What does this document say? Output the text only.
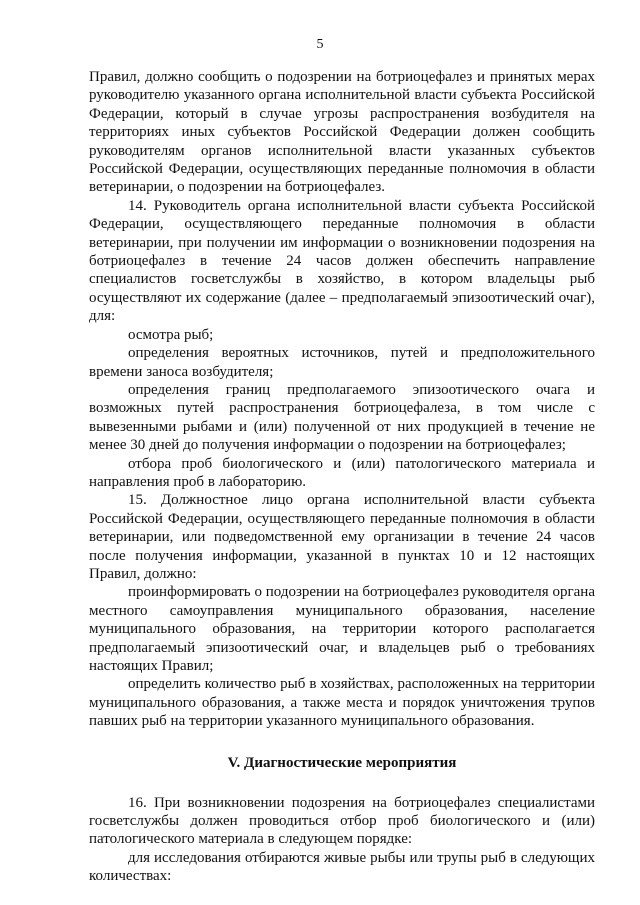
5

Правил, должно сообщить о подозрении на ботриоцефалез и принятых мерах руководителю указанного органа исполнительной власти субъекта Российской Федерации, который в случае угрозы распространения возбудителя на территориях иных субъектов Российской Федерации должен сообщить руководителям органов исполнительной власти указанных субъектов Российской Федерации, осуществляющих переданные полномочия в области ветеринарии, о подозрении на ботриоцефалез.

14. Руководитель органа исполнительной власти субъекта Российской Федерации, осуществляющего переданные полномочия в области ветеринарии, при получении им информации о возникновении подозрения на ботриоцефалез в течение 24 часов должен обеспечить направление специалистов госветслужбы в хозяйство, в котором владельцы рыб осуществляют их содержание (далее – предполагаемый эпизоотический очаг), для:

осмотра рыб;

определения вероятных источников, путей и предположительного времени заноса возбудителя;

определения границ предполагаемого эпизоотического очага и возможных путей распространения ботриоцефалеза, в том числе с вывезенными рыбами и (или) полученной от них продукцией в течение не менее 30 дней до получения информации о подозрении на ботриоцефалез;

отбора проб биологического и (или) патологического материала и направления проб в лабораторию.

15. Должностное лицо органа исполнительной власти субъекта Российской Федерации, осуществляющего переданные полномочия в области ветеринарии, или подведомственной ему организации в течение 24 часов после получения информации, указанной в пунктах 10 и 12 настоящих Правил, должно:

проинформировать о подозрении на ботриоцефалез руководителя органа местного самоуправления муниципального образования, население муниципального образования, на территории которого располагается предполагаемый эпизоотический очаг, и владельцев рыб о требованиях настоящих Правил;

определить количество рыб в хозяйствах, расположенных на территории муниципального образования, а также места и порядок уничтожения трупов павших рыб на территории указанного муниципального образования.

V. Диагностические мероприятия

16. При возникновении подозрения на ботриоцефалез специалистами госветслужбы должен проводиться отбор проб биологического и (или) патологического материала в следующем порядке:

для исследования отбираются живые рыбы или трупы рыб в следующих количествах:
